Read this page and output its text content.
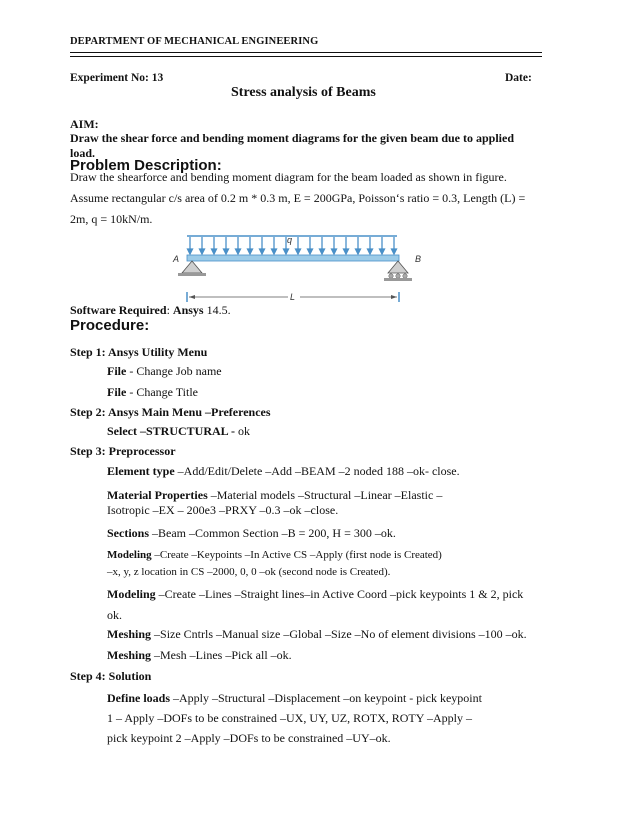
DEPARTMENT OF MECHANICAL ENGINEERING
Experiment No: 13	Date:
Stress analysis of Beams
AIM:
Draw the shear force and bending moment diagrams for the given beam due to applied
load.
Problem Description:
Draw the shearforce and bending moment diagram for the beam loaded as shown in figure.
Assume rectangular c/s area of 0.2 m * 0.3 m, E = 200GPa, Poisson‘s ratio = 0.3, Length (L) =
2m, q = 10kN/m.
q
A	B
L
Software Required: Ansys 14.5.
Procedure:
Step 1: Ansys Utility Menu
File - Change Job name
File - Change Title
Step 2: Ansys Main Menu –Preferences
Select –STRUCTURAL - ok
Step 3: Preprocessor
Element type –Add/Edit/Delete –Add –BEAM –2 noded 188 –ok- close.
Material Properties –Material models –Structural –Linear –Elastic –
Isotropic –EX – 200e3 –PRXY –0.3 –ok –close.
Sections –Beam –Common Section –B = 200, H = 300 –ok.
Modeling –Create –Keypoints –In Active CS –Apply (first node is Created)
–x, y, z location in CS –2000, 0, 0 –ok (second node is Created).
Modeling –Create –Lines –Straight lines–in Active Coord –pick keypoints 1 & 2, pick
ok.
Meshing –Size Cntrls –Manual size –Global –Size –No of element divisions –100 –ok.
Meshing –Mesh –Lines –Pick all –ok.
Step 4: Solution
Define loads –Apply –Structural –Displacement –on keypoint - pick keypoint
1 – Apply –DOFs to be constrained –UX, UY, UZ, ROTX, ROTY –Apply –
pick keypoint 2 –Apply –DOFs to be constrained –UY–ok.
